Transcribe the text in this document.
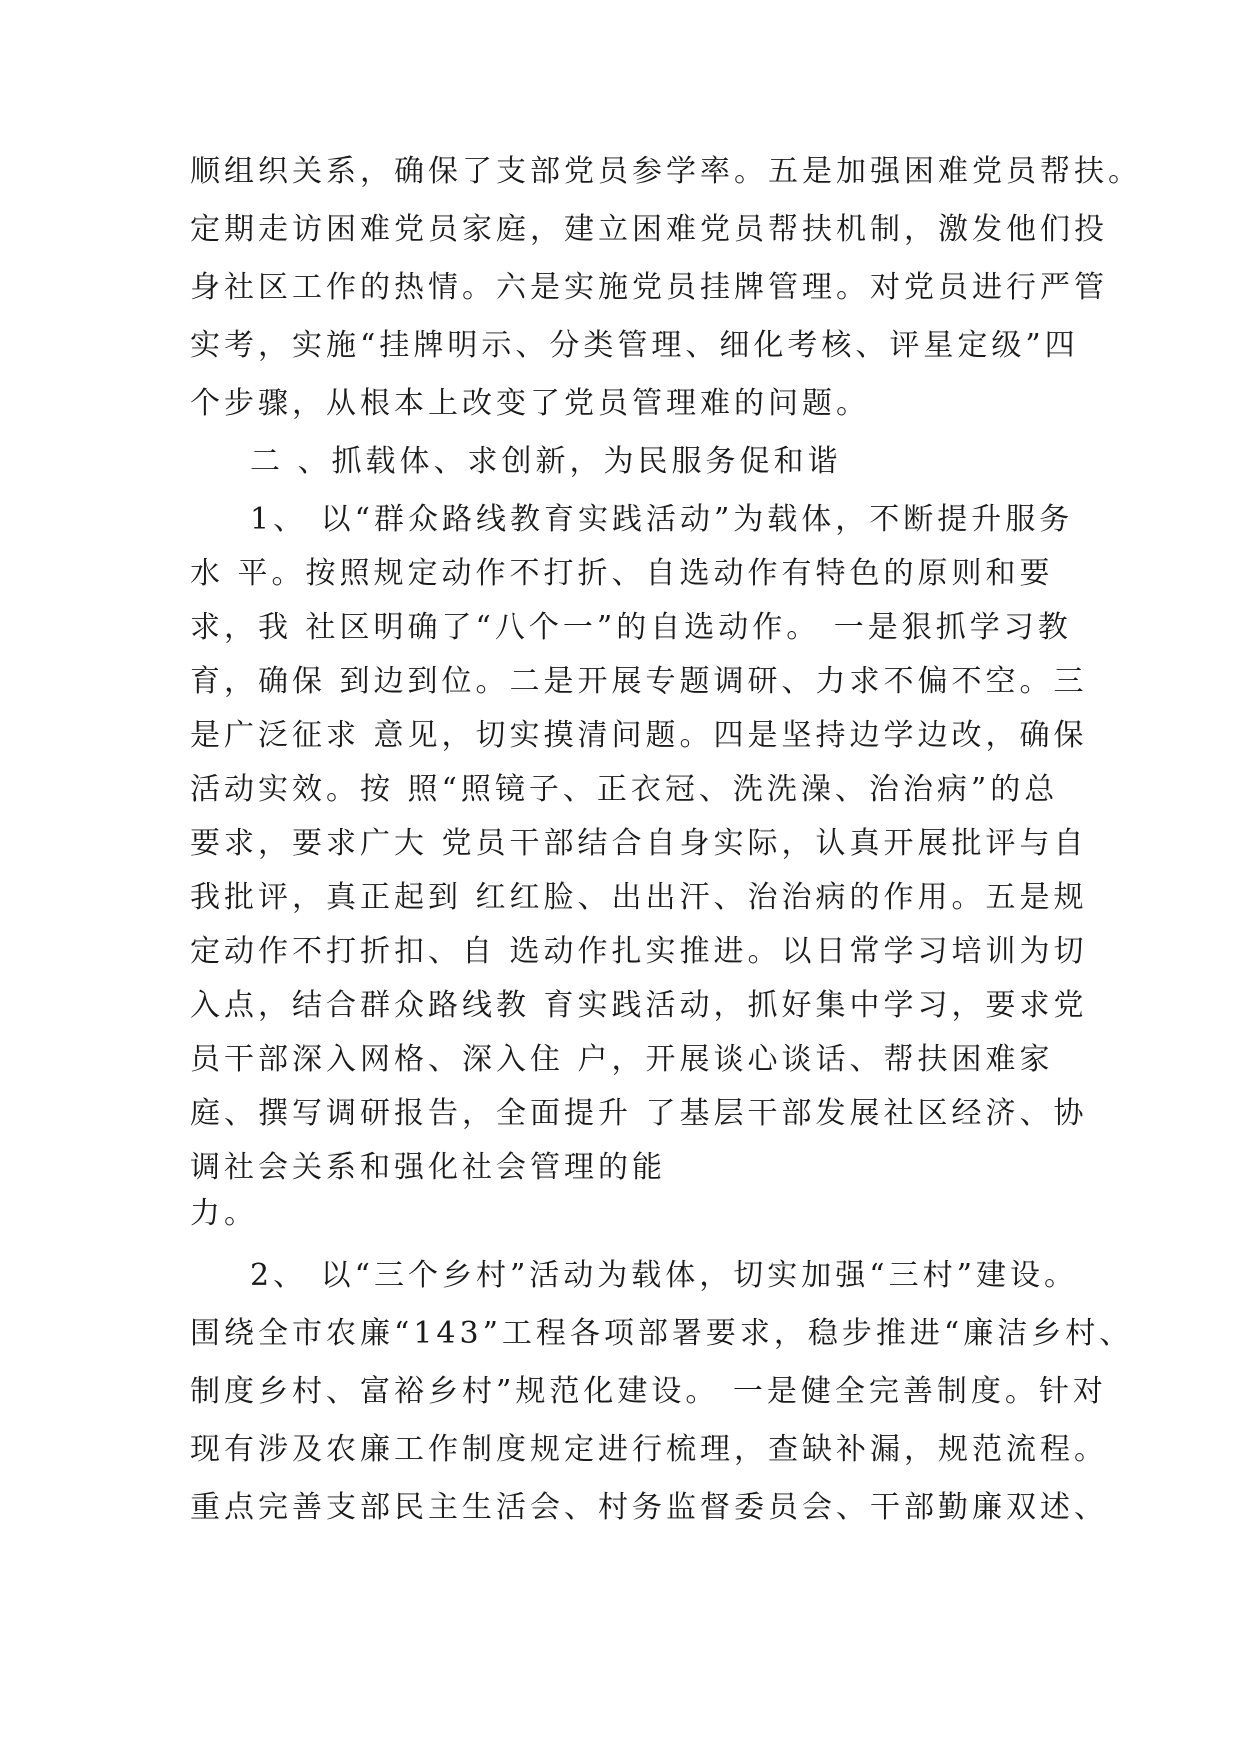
顺组织关系，确保了支部党员参学率。五是加强困难党员帮扶。
定期走访困难党员家庭，建立困难党员帮扶机制，激发他们投
身社区工作的热情。六是实施党员挂牌管理。对党员进行严管
实考，实施“挂牌明示、分类管理、细化考核、评星定级”四
个步骤，从根本上改变了党员管理难的问题。
二 、抓载体、求创新，为民服务促和谐
1、 以“群众路线教育实践活动”为载体，不断提升服务
水 平。按照规定动作不打折、自选动作有特色的原则和要
求，我 社区明确了“八个一”的自选动作。 一是狠抓学习教
育，确保 到边到位。二是开展专题调研、力求不偏不空。三
是广泛征求 意见，切实摸清问题。四是坚持边学边改，确保
活动实效。按 照“照镜子、正衣冠、洗洗澡、治治病”的总
要求，要求广大 党员干部结合自身实际，认真开展批评与自
我批评，真正起到 红红脸、出出汗、治治病的作用。五是规
定动作不打折扣、自 选动作扎实推进。以日常学习培训为切
入点，结合群众路线教 育实践活动，抓好集中学习，要求党
员干部深入网格、深入住 户，开展谈心谈话、帮扶困难家
庭、撰写调研报告，全面提升 了基层干部发展社区经济、协
调社会关系和强化社会管理的能
力。
2、 以“三个乡村”活动为载体，切实加强“三村”建设。
围绕全市农廉“143”工程各项部署要求，稳步推进“廉洁乡村、
制度乡村、富裕乡村”规范化建设。 一是健全完善制度。针对
现有涉及农廉工作制度规定进行梳理，查缺补漏，规范流程。
重点完善支部民主生活会、村务监督委员会、干部勤廉双述、
